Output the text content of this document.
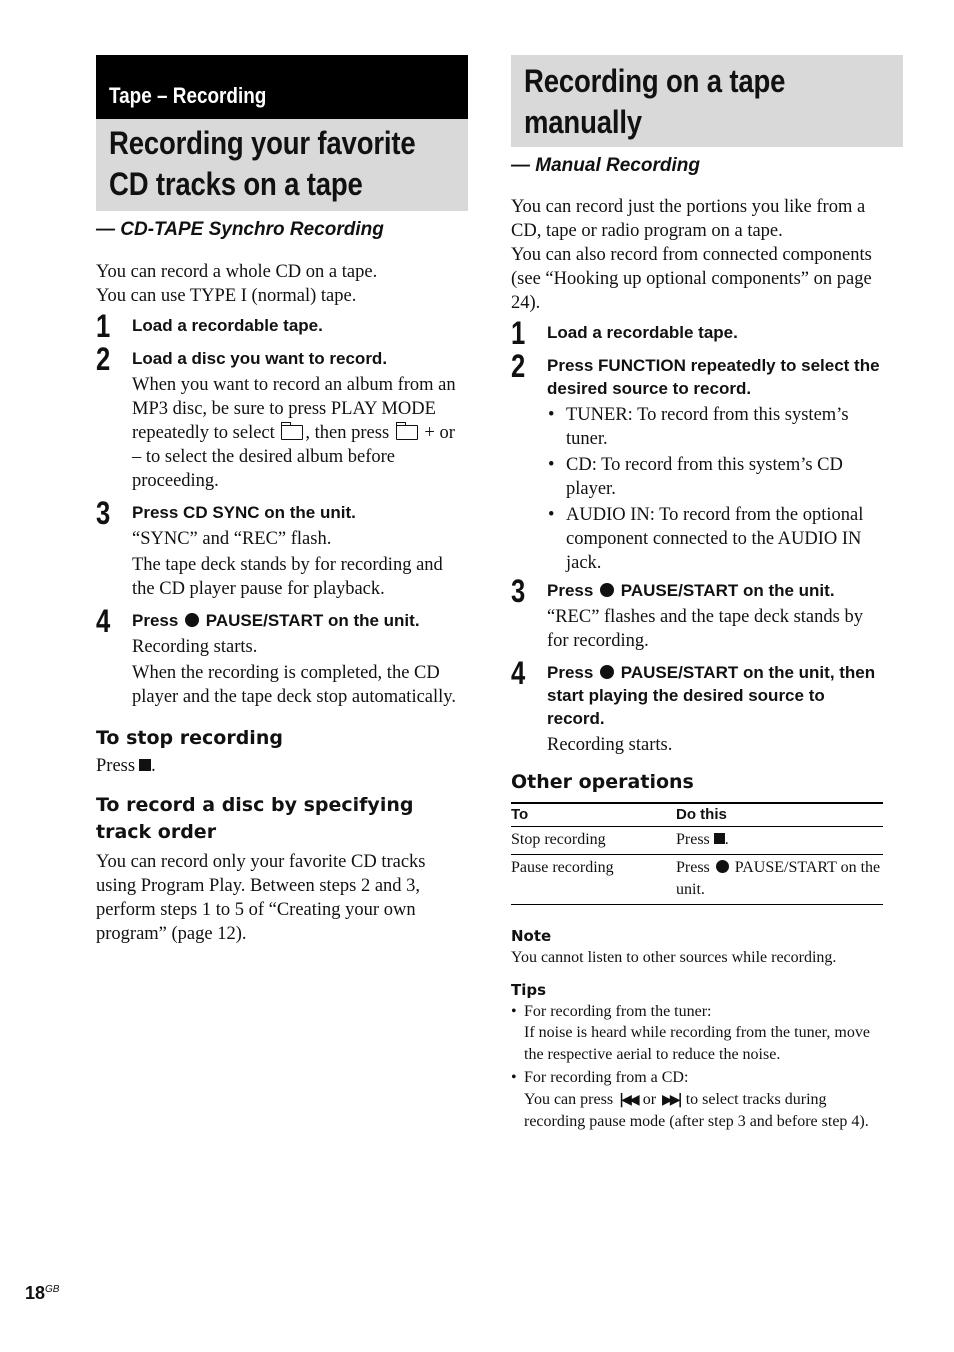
Tape – Recording
Recording your favorite
CD tracks on a tape
— CD-TAPE Synchro Recording

You can record a whole CD on a tape.

You can use TYPE I (normal) tape.

1 Load a recordable tape.
2 Load a disc you want to record.

When you want to record an album from an MP3 disc, be sure to press PLAY MODE repeatedly to select , then press + or – to select the desired album before proceeding.

3 Press CD SYNC on the unit.

“SYNC” and “REC” flash.

The tape deck stands by for recording and the CD player pause for playback.

4 Press PAUSE/START on the unit.

Recording starts.

When the recording is completed, the CD player and the tape deck stop automatically.

To stop recording

Press .

To record a disc by specifying track order

You can record only your favorite CD tracks using Program Play. Between steps 2 and 3, perform steps 1 to 5 of “Creating your own program” (page 12).

Recording on a tape
manually
— Manual Recording

You can record just the portions you like from a CD, tape or radio program on a tape.

You can also record from connected components (see “Hooking up optional components” on page 24).

1 Load a recordable tape.
2 Press FUNCTION repeatedly to select the desired source to record.
• TUNER: To record from this system’s tuner.
• CD: To record from this system’s CD player.
• AUDIO IN: To record from the optional component connected to the AUDIO IN jack.
3 Press PAUSE/START on the unit.

“REC” flashes and the tape deck stands by for recording.

4 Press PAUSE/START on the unit, then start playing the desired source to record.

Recording starts.

Other operations
To	Do this
Stop recording	Press .
Pause recording	Press PAUSE/START on the unit.
Note
You cannot listen to other sources while recording.
Tips
• For recording from the tuner:
If noise is heard while recording from the tuner, move the respective aerial to reduce the noise.
• For recording from a CD:
You can press |◀◀ or ▶▶| to select tracks during recording pause mode (after step 3 and before step 4).
$18^{GB}$
